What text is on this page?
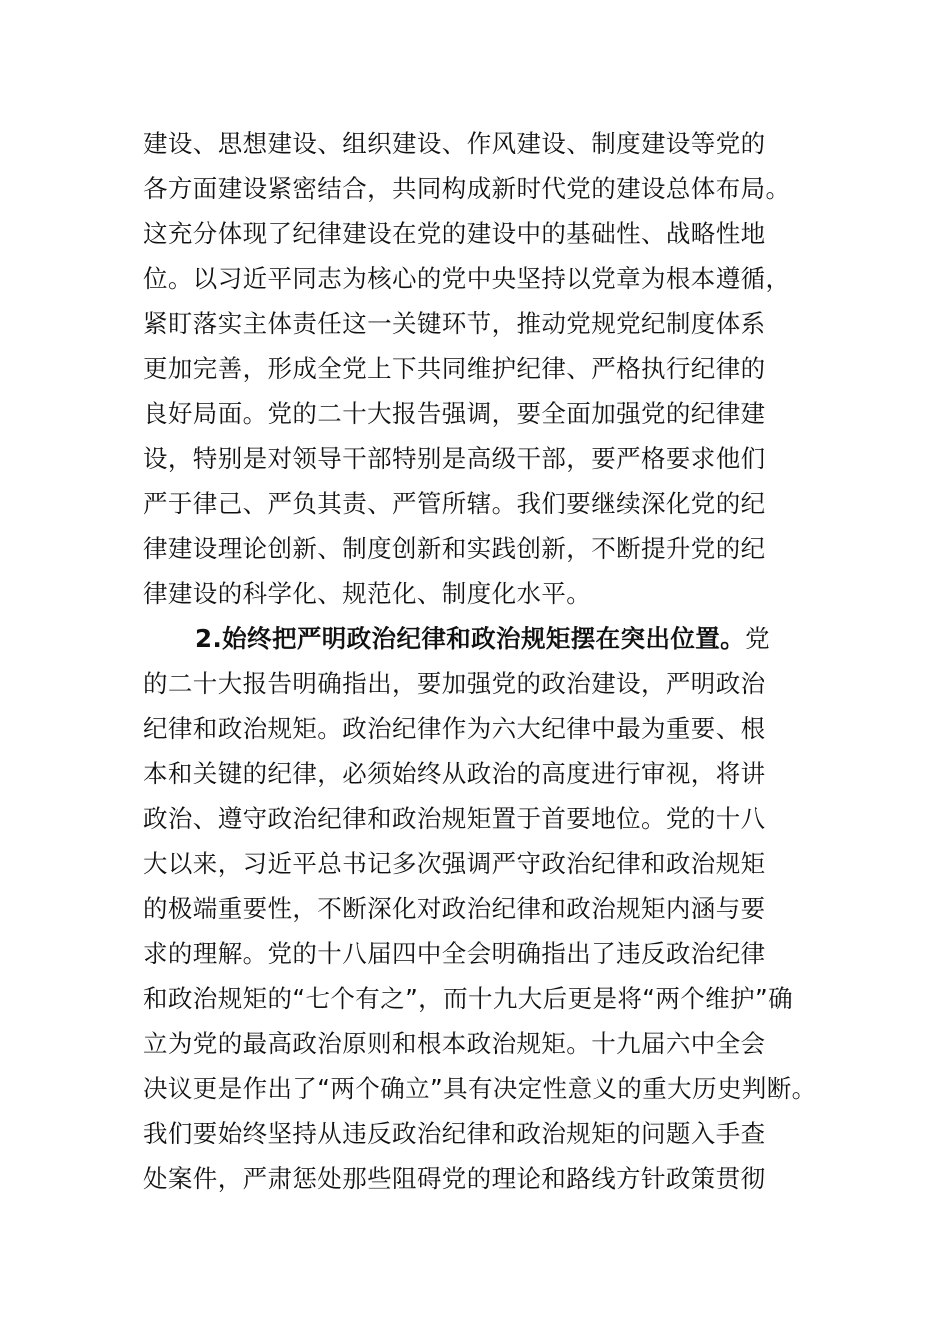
建设、思想建设、组织建设、作风建设、制度建设等党的
各方面建设紧密结合，共同构成新时代党的建设总体布局。
这充分体现了纪律建设在党的建设中的基础性、战略性地
位。以习近平同志为核心的党中央坚持以党章为根本遵循，
紧盯落实主体责任这一关键环节，推动党规党纪制度体系
更加完善，形成全党上下共同维护纪律、严格执行纪律的
良好局面。党的二十大报告强调，要全面加强党的纪律建
设，特别是对领导干部特别是高级干部，要严格要求他们
严于律己、严负其责、严管所辖。我们要继续深化党的纪
律建设理论创新、制度创新和实践创新，不断提升党的纪
律建设的科学化、规范化、制度化水平。
2.始终把严明政治纪律和政治规矩摆在突出位置。党
的二十大报告明确指出，要加强党的政治建设，严明政治
纪律和政治规矩。政治纪律作为六大纪律中最为重要、根
本和关键的纪律，必须始终从政治的高度进行审视，将讲
政治、遵守政治纪律和政治规矩置于首要地位。党的十八
大以来，习近平总书记多次强调严守政治纪律和政治规矩
的极端重要性，不断深化对政治纪律和政治规矩内涵与要
求的理解。党的十八届四中全会明确指出了违反政治纪律
和政治规矩的“七个有之”，而十九大后更是将“两个维护”确
立为党的最高政治原则和根本政治规矩。十九届六中全会
决议更是作出了“两个确立”具有决定性意义的重大历史判断。
我们要始终坚持从违反政治纪律和政治规矩的问题入手查
处案件，严肃惩处那些阻碍党的理论和路线方针政策贯彻
